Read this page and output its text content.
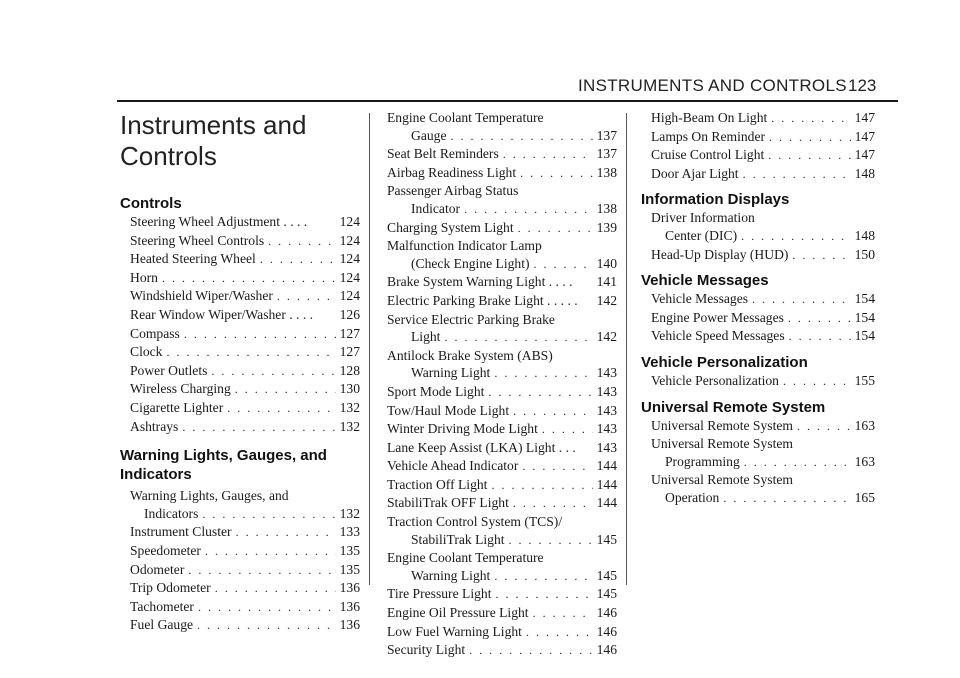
INSTRUMENTS AND CONTROLS 123
Instruments and
Controls
Controls
Steering Wheel Adjustment . . . . 124
Steering Wheel Controls . . .	124
Heated Steering Wheel . . .	124
Horn . . .	124
Windshield Wiper/Washer . . .	124
Rear Window Wiper/Washer . . . . 126
Compass . . .	127
Clock . . .	127
Power Outlets . . .	128
Wireless Charging . . .	130
Cigarette Lighter . . .	132
Ashtrays . . .	132
Warning Lights, Gauges, and
Indicators
Warning Lights, Gauges, and
Indicators . . .	132
Instrument Cluster . . .	133
Speedometer . . .	135
Odometer . . .	135
Trip Odometer . . .	136
Tachometer . . .	136
Fuel Gauge . . .	136
Engine Coolant Temperature
Gauge . . .	137
Seat Belt Reminders . . .	137
Airbag Readiness Light . . .	138
Passenger Airbag Status
Indicator . . .	138
Charging System Light . . .	139
Malfunction Indicator Lamp
(Check Engine Light) . . .	140
Brake System Warning Light . . . . 141
Electric Parking Brake Light . . . . . 142
Service Electric Parking Brake
Light . . .	142
Antilock Brake System (ABS)
Warning Light . . .	143
Sport Mode Light . . .	143
Tow/Haul Mode Light . . .	143
Winter Driving Mode Light . . .	143
Lane Keep Assist (LKA) Light . . . 143
Vehicle Ahead Indicator . . .	144
Traction Off Light . . .	144
StabiliTrak OFF Light . . .	144
Traction Control System (TCS)/
StabiliTrak Light . . .	145
Engine Coolant Temperature
Warning Light . . .	145
Tire Pressure Light . . .	145
Engine Oil Pressure Light . . .	146
Low Fuel Warning Light . . .	146
Security Light . . .	146
High-Beam On Light . . .	147
Lamps On Reminder . . .	147
Cruise Control Light . . .	147
Door Ajar Light . . .	148
Information Displays
Driver Information
Center (DIC) . . .	148
Head-Up Display (HUD) . . .	150
Vehicle Messages
Vehicle Messages . . .	154
Engine Power Messages . . .	154
Vehicle Speed Messages . . .	154
Vehicle Personalization
Vehicle Personalization . . .	155
Universal Remote System
Universal Remote System . . .	163
Universal Remote System
Programming . . .	163
Universal Remote System
Operation . . .	165
